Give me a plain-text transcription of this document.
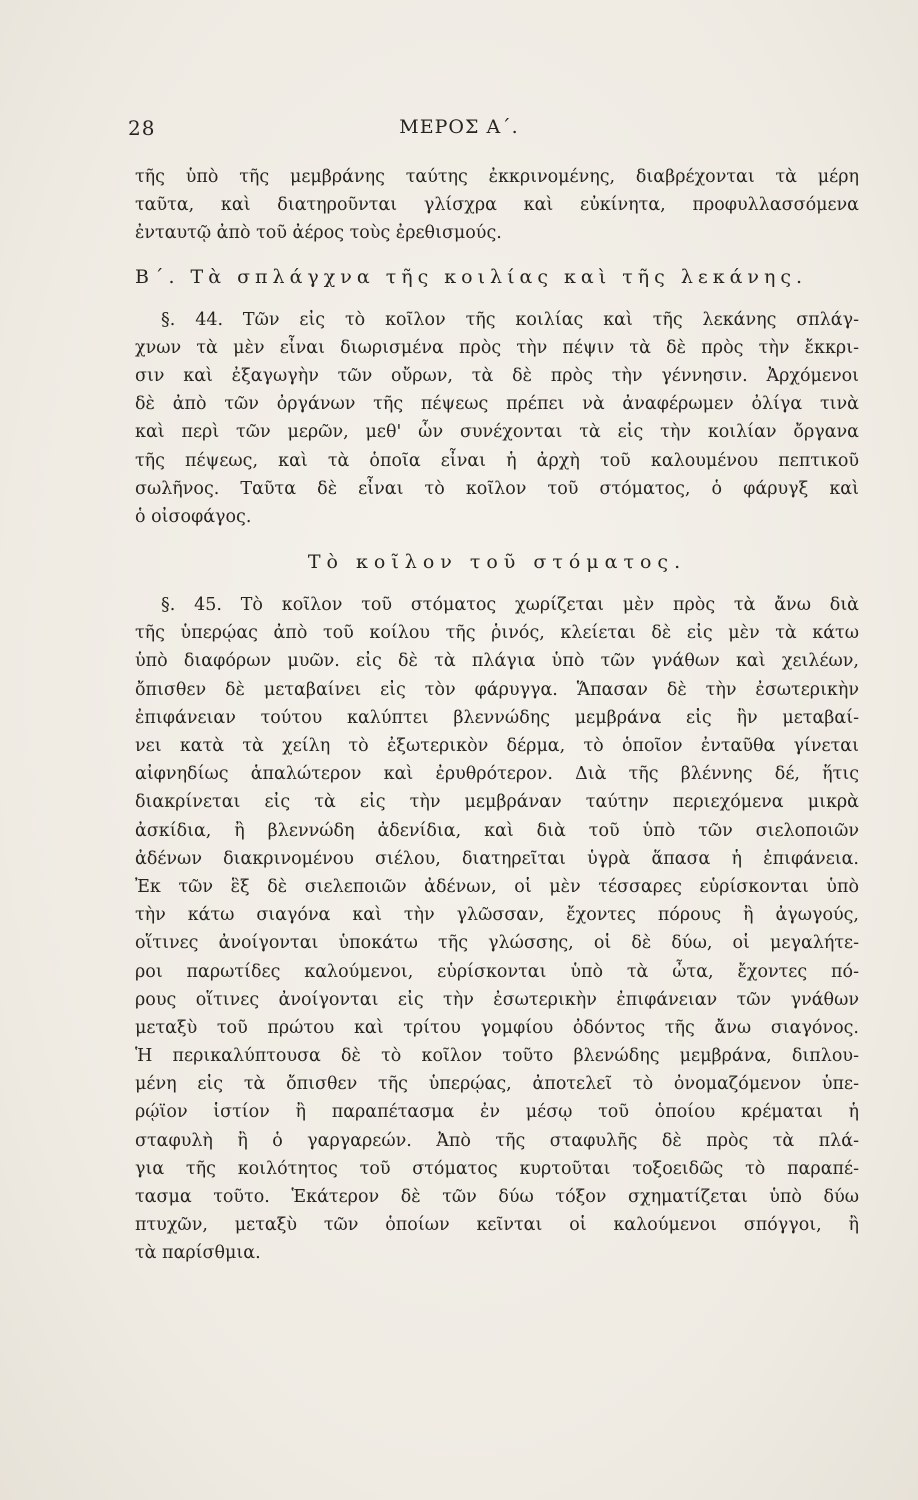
28	ΜΕΡΟΣ Α΄.
τῆς ὑπὸ τῆς μεμβράνης ταύτης ἐκκρινομένης, διαβρέχονται τὰ μέρη
ταῦτα, καὶ διατηροῦνται γλίσχρα καὶ εὐκίνητα, προφυλλασσόμενα
ἐνταυτῷ ἀπὸ τοῦ ἀέρος τοὺς ἐρεθισμούς.
Β΄. Τὰ σπλάγχνα τῆς κοιλίας καὶ τῆς λεκάνης.
§. 44. Τῶν εἰς τὸ κοῖλον τῆς κοιλίας καὶ τῆς λεκάνης σπλάγ-
χνων τὰ μὲν εἶναι διωρισμένα πρὸς τὴν πέψιν τὰ δὲ πρὸς τὴν ἔκκρι-
σιν καὶ ἐξαγωγὴν τῶν οὔρων, τὰ δὲ πρὸς τὴν γέννησιν. Ἀρχόμενοι
δὲ ἀπὸ τῶν ὀργάνων τῆς πέψεως πρέπει νὰ ἀναφέρωμεν ὀλίγα τινὰ
καὶ περὶ τῶν μερῶν, μεθ' ὧν συνέχονται τὰ εἰς τὴν κοιλίαν ὄργανα
τῆς πέψεως, καὶ τὰ ὁποῖα εἶναι ἡ ἀρχὴ τοῦ καλουμένου πεπτικοῦ
σωλῆνος. Ταῦτα δὲ εἶναι τὸ κοῖλον τοῦ στόματος, ὁ φάρυγξ καὶ
ὁ οἰσοφάγος.
Τὸ κοῖλον τοῦ στόματος.
§. 45. Τὸ κοῖλον τοῦ στόματος χωρίζεται μὲν πρὸς τὰ ἄνω διὰ
τῆς ὑπερῴας ἀπὸ τοῦ κοίλου τῆς ῥινός, κλείεται δὲ εἰς μὲν τὰ κάτω
ὑπὸ διαφόρων μυῶν. εἰς δὲ τὰ πλάγια ὑπὸ τῶν γνάθων καὶ χειλέων,
ὄπισθεν δὲ μεταβαίνει εἰς τὸν φάρυγγα. Ἅπασαν δὲ τὴν ἐσωτερικὴν
ἐπιφάνειαν τούτου καλύπτει βλεννώδης μεμβράνα εἰς ἣν μεταβαί-
νει κατὰ τὰ χείλη τὸ ἐξωτερικὸν δέρμα, τὸ ὁποῖον ἐνταῦθα γίνεται
αἰφνηδίως ἁπαλώτερον καὶ ἐρυθρότερον. Διὰ τῆς βλέννης δέ, ἥτις
διακρίνεται εἰς τὰ εἰς τὴν μεμβράναν ταύτην περιεχόμενα μικρὰ
ἀσκίδια, ἢ βλεννώδη ἀδενίδια, καὶ διὰ τοῦ ὑπὸ τῶν σιελοποιῶν
ἀδένων διακρινομένου σιέλου, διατηρεῖται ὑγρὰ ἅπασα ἡ ἐπιφάνεια.
Ἐκ τῶν ἓξ δὲ σιελεποιῶν ἀδένων, οἱ μὲν τέσσαρες εὑρίσκονται ὑπὸ
τὴν κάτω σιαγόνα καὶ τὴν γλῶσσαν, ἔχοντες πόρους ἢ ἀγωγούς,
οἵτινες ἀνοίγονται ὑποκάτω τῆς γλώσσης, οἱ δὲ δύω, οἱ μεγαλήτε-
ροι παρωτίδες καλούμενοι, εὑρίσκονται ὑπὸ τὰ ὦτα, ἔχοντες πό-
ρους οἵτινες ἀνοίγονται εἰς τὴν ἐσωτερικὴν ἐπιφάνειαν τῶν γνάθων
μεταξὺ τοῦ πρώτου καὶ τρίτου γομφίου ὀδόντος τῆς ἄνω σιαγόνος.
Ἡ περικαλύπτουσα δὲ τὸ κοῖλον τοῦτο βλενώδης μεμβράνα, διπλου-
μένη εἰς τὰ ὄπισθεν τῆς ὑπερῴας, ἀποτελεῖ τὸ ὀνομαζόμενον ὑπε-
ρῴϊον ἱστίον ἢ παραπέτασμα ἐν μέσῳ τοῦ ὁποίου κρέμαται ἡ
σταφυλὴ ἢ ὁ γαργαρεών. Ἀπὸ τῆς σταφυλῆς δὲ πρὸς τὰ πλά-
για τῆς κοιλότητος τοῦ στόματος κυρτοῦται τοξοειδῶς τὸ παραπέ-
τασμα τοῦτο. Ἑκάτερον δὲ τῶν δύω τόξον σχηματίζεται ὑπὸ δύω
πτυχῶν, μεταξὺ τῶν ὁποίων κεῖνται οἱ καλούμενοι σπόγγοι, ἢ
τὰ παρίσθμια.
